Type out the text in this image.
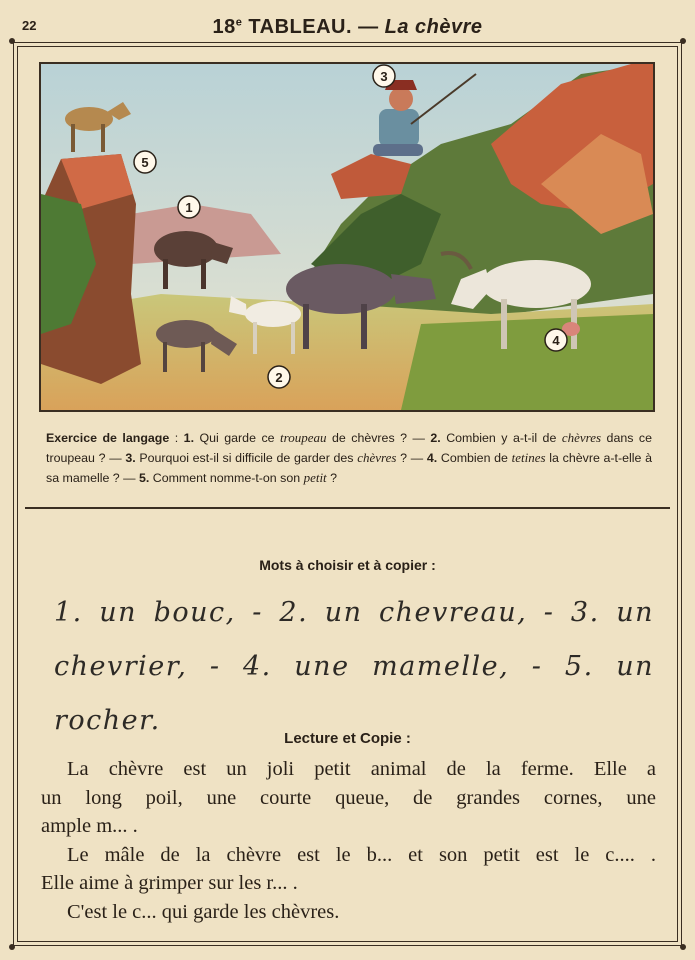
22	18e TABLEAU. — La chèvre
1
2
3
4
5
Exercice de langage : 1. Qui garde ce troupeau de chèvres ? — 2. Combien y a-t-il de chèvres dans ce troupeau ? — 3. Pourquoi est-il si difficile de garder des chèvres ? — 4. Combien de tetines la chèvre a-t-elle à sa mamelle ? — 5. Comment nomme-t-on son petit ?
Mots à choisir et à copier :
1. un bouc, - 2. un chevreau, - 3. un chevrier, - 4. une mamelle, - 5. un rocher.
Lecture et Copie :

La chèvre est un joli petit animal de la ferme. Elle a

un long poil, une courte queue, de grandes cornes, une

ample m... .

Le mâle de la chèvre est le b... et son petit est le c.... .

Elle aime à grimper sur les r... .

C'est le c... qui garde les chèvres.
